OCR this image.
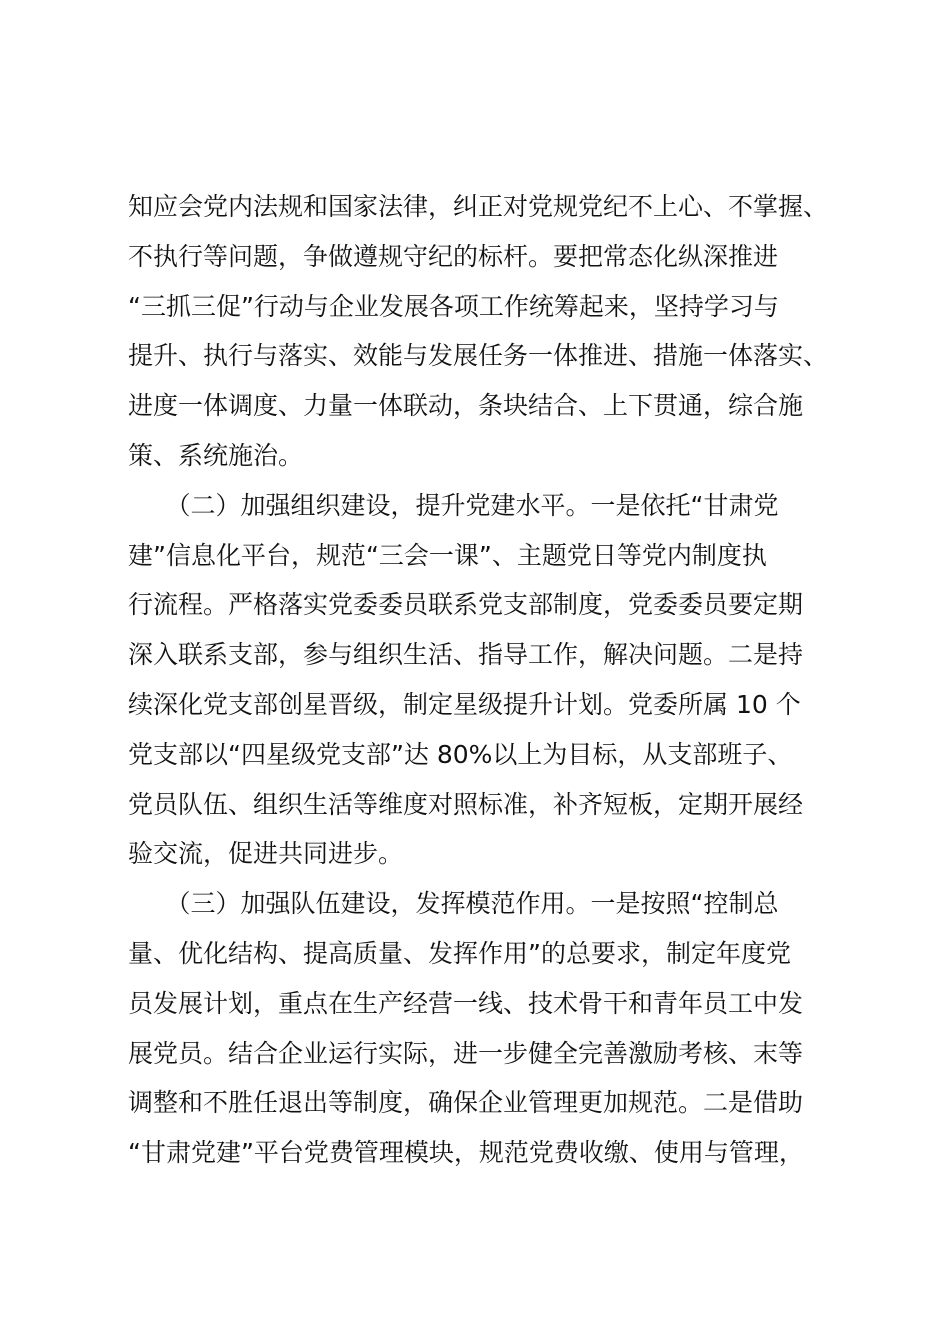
知应会党内法规和国家法律，纠正对党规党纪不上心、不掌握、
不执行等问题，争做遵规守纪的标杆。要把常态化纵深推进
“三抓三促”行动与企业发展各项工作统筹起来，坚持学习与
提升、执行与落实、效能与发展任务一体推进、措施一体落实、
进度一体调度、力量一体联动，条块结合、上下贯通，综合施
策、系统施治。
　　（二）加强组织建设，提升党建水平。一是依托“甘肃党
建”信息化平台，规范“三会一课”、主题党日等党内制度执
行流程。严格落实党委委员联系党支部制度，党委委员要定期
深入联系支部，参与组织生活、指导工作，解决问题。二是持
续深化党支部创星晋级，制定星级提升计划。党委所属 10 个
党支部以“四星级党支部”达 80%以上为目标，从支部班子、
党员队伍、组织生活等维度对照标准，补齐短板，定期开展经
验交流，促进共同进步。
　　（三）加强队伍建设，发挥模范作用。一是按照“控制总
量、优化结构、提高质量、发挥作用”的总要求，制定年度党
员发展计划，重点在生产经营一线、技术骨干和青年员工中发
展党员。结合企业运行实际，进一步健全完善激励考核、末等
调整和不胜任退出等制度，确保企业管理更加规范。二是借助
“甘肃党建”平台党费管理模块，规范党费收缴、使用与管理，
